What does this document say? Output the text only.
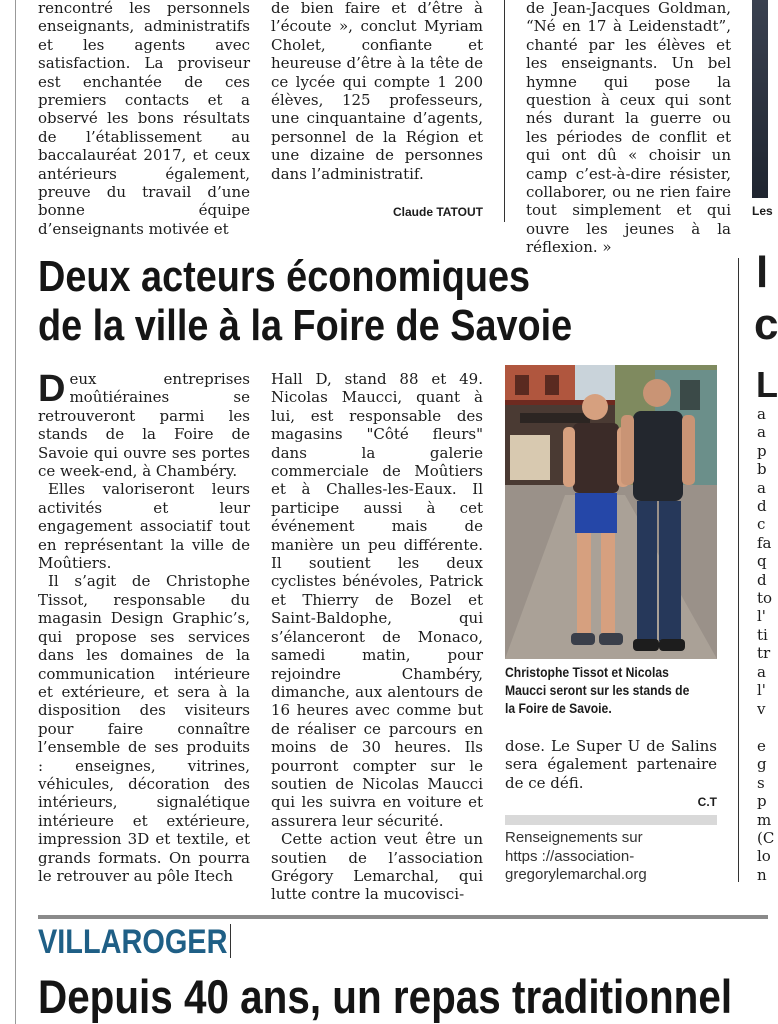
rencontré les personnels enseignants, administratifs et les agents avec satisfaction. La proviseur est enchantée de ces premiers contacts et a observé les bons résultats de l’établissement au baccalauréat 2017, et ceux antérieurs également, preuve du travail d’une bonne équipe d’enseignants motivée et

de bien faire et d’être à l’écoute », conclut Myriam Cholet, confiante et heureuse d’être à la tête de ce lycée qui compte 1 200 élèves, 125 professeurs, une cinquantaine d’agents, personnel de la Région et une dizaine de personnes dans l’administratif.

Claude TATOUT

de Jean-Jacques Goldman, “Né en 17 à Leidenstadt”, chanté par les élèves et les enseignants. Un bel hymne qui pose la question à ceux qui sont nés durant la guerre ou les périodes de conflit et qui ont dû « choisir un camp c’est-à-dire résister, collaborer, ou ne rien faire tout simplement et qui ouvre les jeunes à la réflexion. »

Les
Deux acteurs économiques
de la ville à la Foire de Savoie
l
c
L
a
a
p
b
a
d
c
fa
q
d
to
l'
ti
tr
a
l'
v
e
g
s
p
m
(C
lo
n

Deux entreprises moûtiéraines se retrouveront parmi les stands de la Foire de Savoie qui ouvre ses portes ce week-end, à Chambéry.

Elles valoriseront leurs activités et leur engagement associatif tout en représentant la ville de Moûtiers.

Il s’agit de Christophe Tissot, responsable du magasin Design Graphic’s, qui propose ses services dans les domaines de la communication intérieure et extérieure, et sera à la disposition des visiteurs pour faire connaître l’ensemble de ses produits : enseignes, vitrines, véhicules, décoration des intérieurs, signalétique intérieure et extérieure, impression 3D et textile, et grands formats. On pourra le retrouver au pôle Itech

Hall D, stand 88 et 49. Nicolas Maucci, quant à lui, est responsable des magasins "Côté fleurs" dans la galerie commerciale de Moûtiers et à Challes-les-Eaux. Il participe aussi à cet événement mais de manière un peu différente. Il soutient les deux cyclistes bénévoles, Patrick et Thierry de Bozel et Saint-Baldophe, qui s’élanceront de Monaco, samedi matin, pour rejoindre Chambéry, dimanche, aux alentours de 16 heures avec comme but de réaliser ce parcours en moins de 30 heures. Ils pourront compter sur le soutien de Nicolas Maucci qui les suivra en voiture et assurera leur sécurité.

Cette action veut être un soutien de l’association Grégory Lemarchal, qui lutte contre la mucovisci-

Christophe Tissot et Nicolas Maucci seront sur les stands de la Foire de Savoie.

dose. Le Super U de Salins sera également partenaire de ce défi.

C.T
Renseignements sur
https ://association-
gregorylemarchal.org
VILLAROGER
Depuis 40 ans, un repas traditionnel
